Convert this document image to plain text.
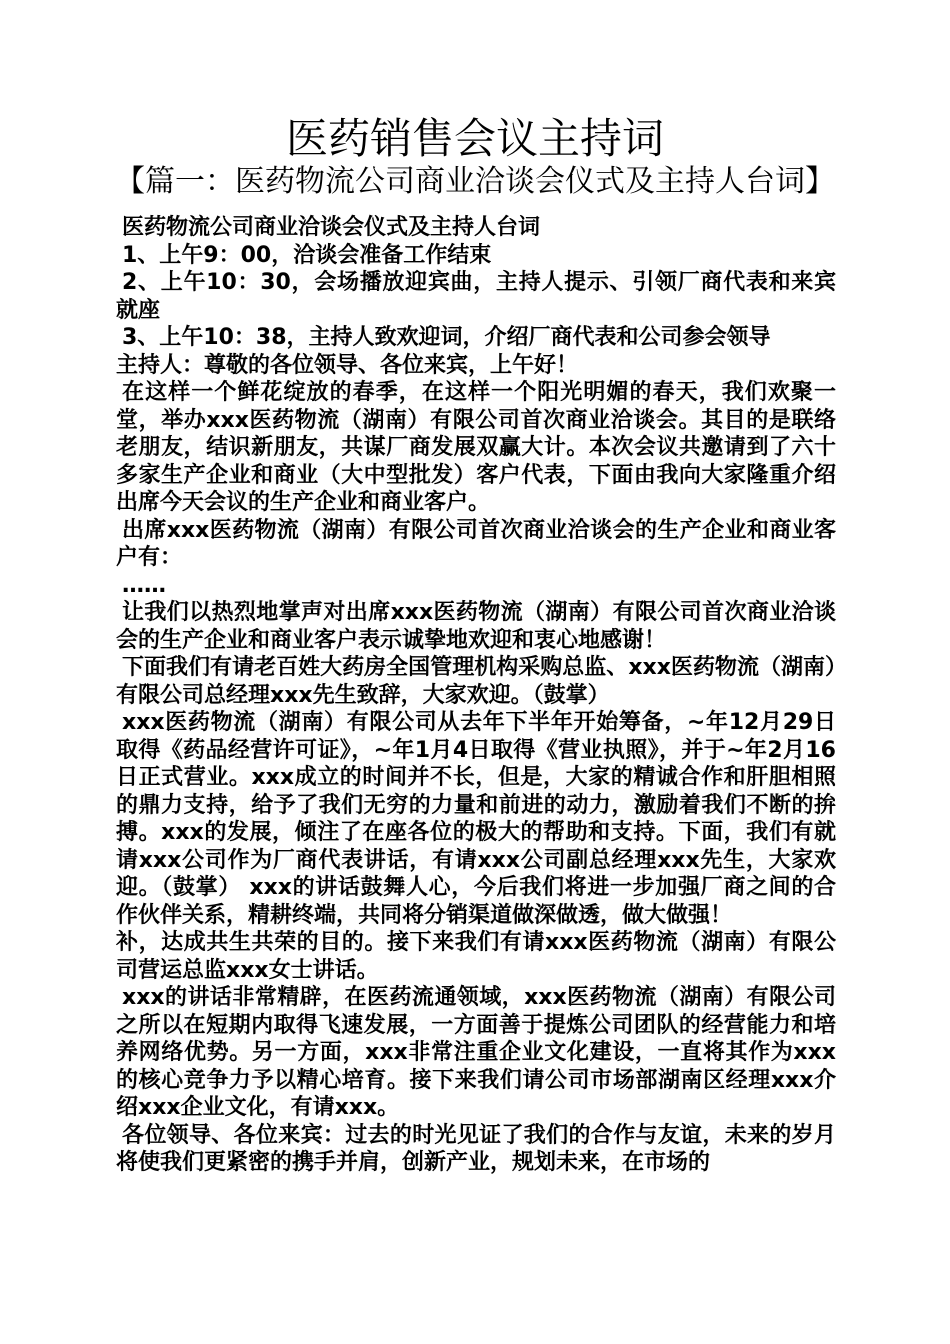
医药销售会议主持词
【篇一：医药物流公司商业洽谈会仪式及主持人台词】

医药物流公司商业洽谈会仪式及主持人台词

1、上午9：00，洽谈会准备工作结束

2、上午10：30，会场播放迎宾曲，主持人提示、引领厂商代表和来宾就座

3、上午10：38，主持人致欢迎词，介绍厂商代表和公司参会领导

主持人：尊敬的各位领导、各位来宾，上午好！

在这样一个鲜花绽放的春季，在这样一个阳光明媚的春天，我们欢聚一堂，举办xxx医药物流（湖南）有限公司首次商业洽谈会。其目的是联络老朋友，结识新朋友，共谋厂商发展双赢大计。本次会议共邀请到了六十多家生产企业和商业（大中型批发）客户代表，下面由我向大家隆重介绍出席今天会议的生产企业和商业客户。

出席xxx医药物流（湖南）有限公司首次商业洽谈会的生产企业和商业客户有：

……

让我们以热烈地掌声对出席xxx医药物流（湖南）有限公司首次商业洽谈会的生产企业和商业客户表示诚挚地欢迎和衷心地感谢！

下面我们有请老百姓大药房全国管理机构采购总监、xxx医药物流（湖南）有限公司总经理xxx先生致辞，大家欢迎。（鼓掌）

xxx医药物流（湖南）有限公司从去年下半年开始筹备，~年12月29日取得《药品经营许可证》，~年1月4日取得《营业执照》，并于~年2月16日正式营业。xxx成立的时间并不长，但是，大家的精诚合作和肝胆相照的鼎力支持，给予了我们无穷的力量和前进的动力，激励着我们不断的拚搏。xxx的发展，倾注了在座各位的极大的帮助和支持。下面，我们有就请xxx公司作为厂商代表讲话，有请xxx公司副总经理xxx先生，大家欢迎。（鼓掌） xxx的讲话鼓舞人心，今后我们将进一步加强厂商之间的合作伙伴关系，精耕终端，共同将分销渠道做深做透，做大做强！

补，达成共生共荣的目的。接下来我们有请xxx医药物流（湖南）有限公司营运总监xxx女士讲话。

xxx的讲话非常精辟，在医药流通领域，xxx医药物流（湖南）有限公司之所以在短期内取得飞速发展，一方面善于提炼公司团队的经营能力和培养网络优势。另一方面，xxx非常注重企业文化建设，一直将其作为xxx的核心竞争力予以精心培育。接下来我们请公司市场部湖南区经理xxx介绍xxx企业文化，有请xxx。

各位领导、各位来宾：过去的时光见证了我们的合作与友谊，未来的岁月将使我们更紧密的携手并肩，创新产业，规划未来，在市场的
